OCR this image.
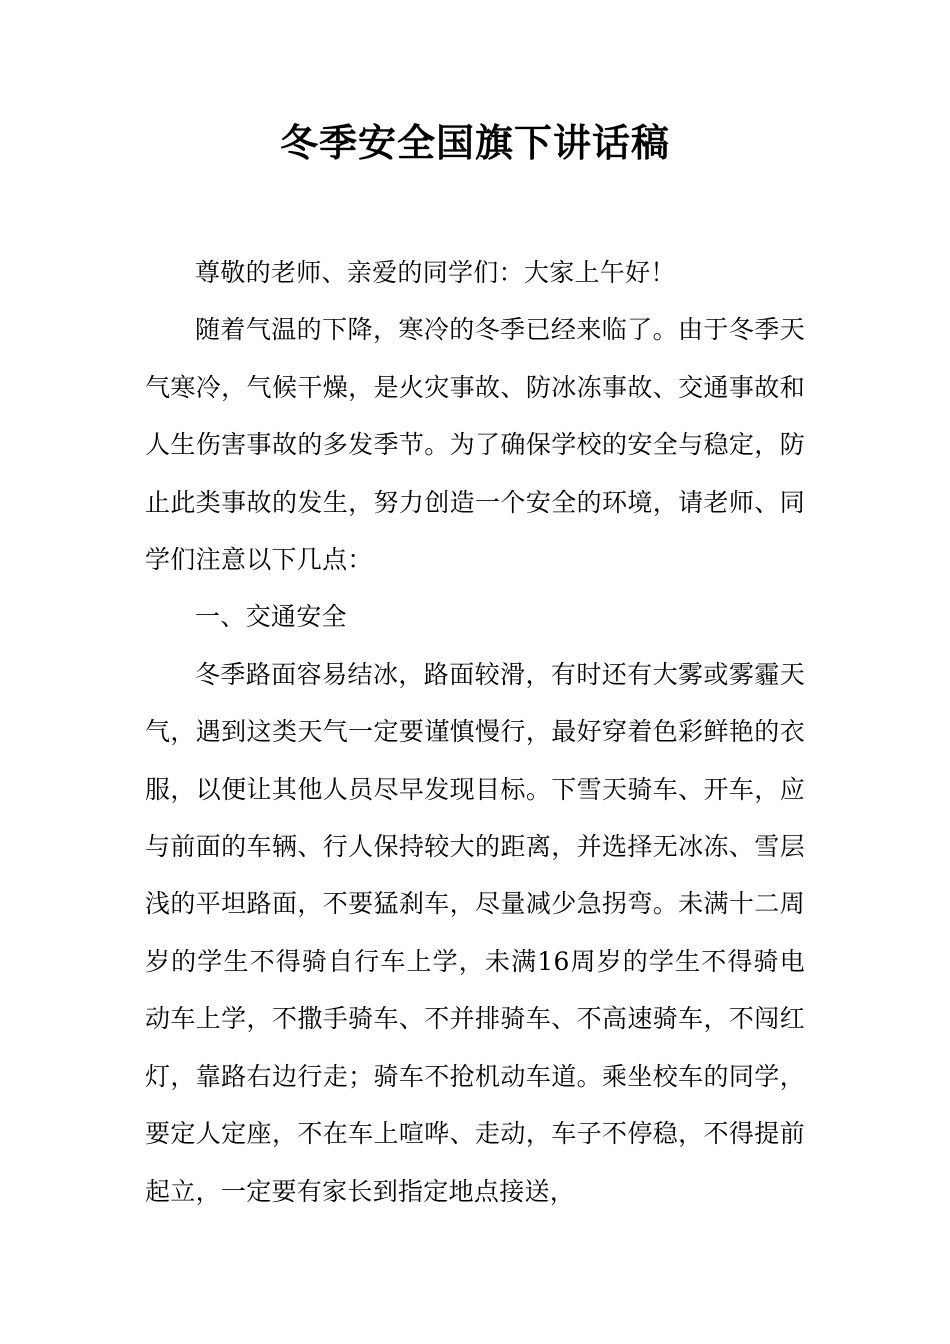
冬季安全国旗下讲话稿

尊敬的老师、亲爱的同学们：大家上午好！

随着气温的下降，寒冷的冬季已经来临了。由于冬季天气寒冷，气候干燥，是火灾事故、防冰冻事故、交通事故和人生伤害事故的多发季节。为了确保学校的安全与稳定，防止此类事故的发生，努力创造一个安全的环境，请老师、同学们注意以下几点：

一、交通安全

冬季路面容易结冰，路面较滑，有时还有大雾或雾霾天气，遇到这类天气一定要谨慎慢行，最好穿着色彩鲜艳的衣服，以便让其他人员尽早发现目标。下雪天骑车、开车，应与前面的车辆、行人保持较大的距离，并选择无冰冻、雪层浅的平坦路面，不要猛刹车，尽量减少急拐弯。未满十二周岁的学生不得骑自行车上学，未满16周岁的学生不得骑电动车上学，不撒手骑车、不并排骑车、不高速骑车，不闯红灯，靠路右边行走；骑车不抢机动车道。乘坐校车的同学，要定人定座，不在车上喧哗、走动，车子不停稳，不得提前起立，一定要有家长到指定地点接送，
